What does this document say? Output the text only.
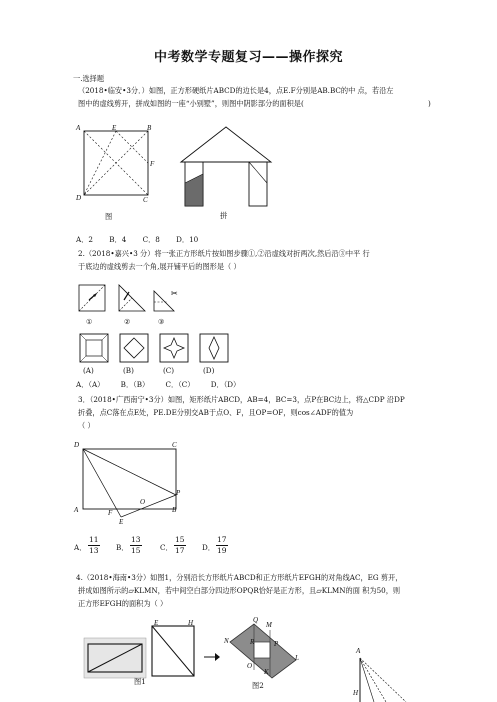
中考数学专题复习——操作探究
一.选择题
（2018•临安•3分．）如图，正方形硬纸片ABCD的边长是4，点E.F分别是AB.BC的中 点，若沿左
图中的虚线剪开，拼成如图的一座“小别墅”，则图中阴影部分的面积是(	)
A	E	B
F
D	C
图	拼
A．2 B．4 C．8 D．10
2.（2018•嘉兴•3 分）将一张正方形纸片按如图步骤①,②沿虚线对折两次,然后沿③中平 行
于底边的虚线剪去一个角,展开铺平后的图形是（ ）
✂
①	②	③
(A)	(B)	(C)	(D)
A．（A） B．（B） C．（C） D．（D）
3．（2018•广西南宁•3分）如图，矩形纸片ABCD，AB=4，BC=3，点P在BC边上，将△CDP 沿DP
折叠，点C落在点E处，PE.DE分别交AB于点O、F，且OP=OF，则cos∠ADF的值为
（ ）
D	C
A	B
O
P
E
F
A． $\frac{11}{13}$ B． $\frac{13}{15}$	C． $\frac{15}{17}$ D． $\frac{17}{19}$
4.（2018•海南•3分）如图1，分别沿长方形纸片ABCD和正方形纸片EFGH的对角线AC，EG 剪开，
拼成如图所示的▱KLMN，若中间空白部分四边形OPQR恰好是正方形，且▱KLMN的面 积为50，则
正方形EFGH的面积为（ ）
E	H	Q
M
N	R	P
L
K
O
图1	图2
A
H
